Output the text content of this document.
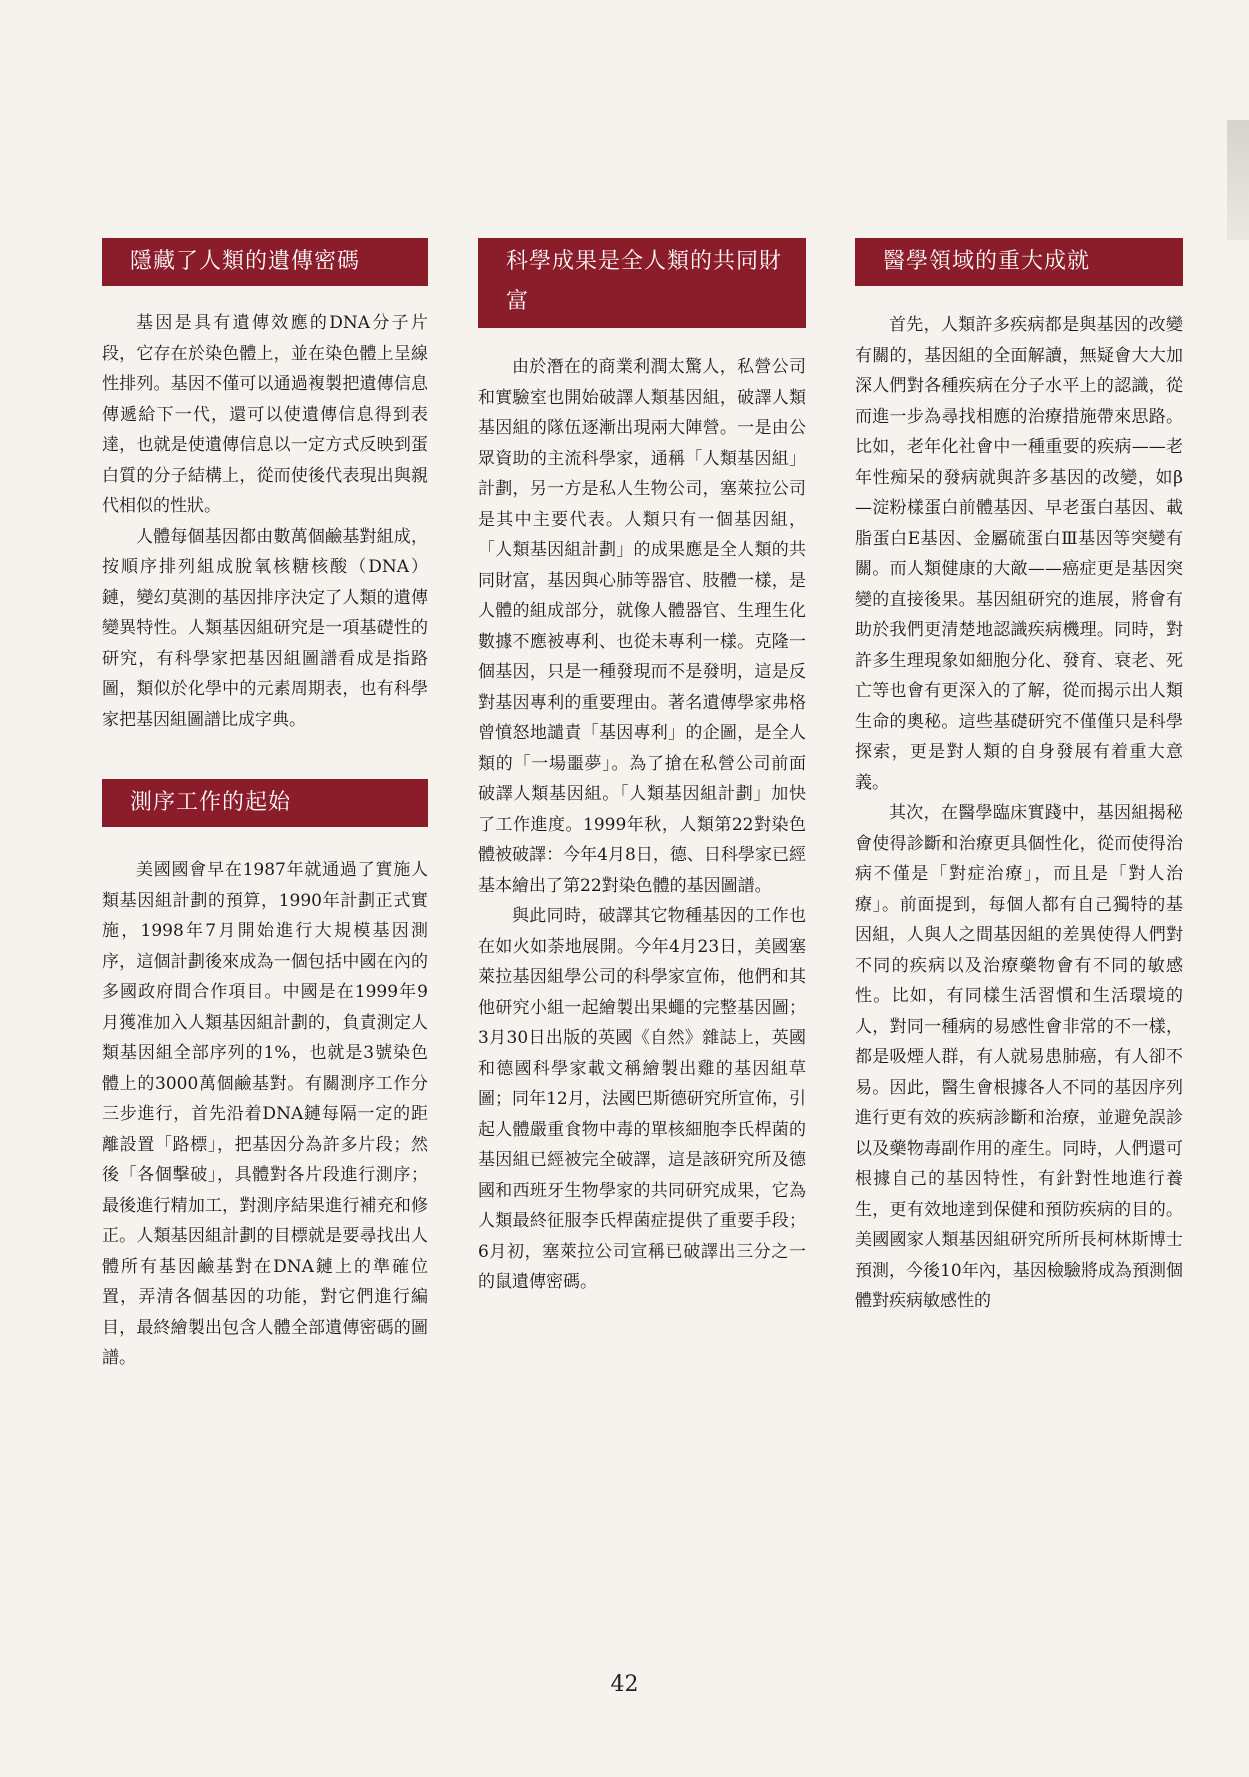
隱藏了人類的遺傳密碼

基因是具有遺傳效應的DNA分子片段，它存在於染色體上，並在染色體上呈線性排列。基因不僅可以通過複製把遺傳信息傳遞給下一代，還可以使遺傳信息得到表達，也就是使遺傳信息以一定方式反映到蛋白質的分子結構上，從而使後代表現出與親代相似的性狀。

人體每個基因都由數萬個鹼基對組成，按順序排列組成脫氧核糖核酸（DNA）鏈，變幻莫測的基因排序決定了人類的遺傳變異特性。人類基因組研究是一項基礎性的研究，有科學家把基因組圖譜看成是指路圖，類似於化學中的元素周期表，也有科學家把基因組圖譜比成字典。

測序工作的起始

美國國會早在1987年就通過了實施人類基因組計劃的預算，1990年計劃正式實施，1998年7月開始進行大規模基因測序，這個計劃後來成為一個包括中國在內的多國政府間合作項目。中國是在1999年9月獲准加入人類基因組計劃的，負責測定人類基因組全部序列的1%，也就是3號染色體上的3000萬個鹼基對。有關測序工作分三步進行，首先沿着DNA鏈每隔一定的距離設置「路標」，把基因分為許多片段；然後「各個擊破」，具體對各片段進行測序；最後進行精加工，對測序結果進行補充和修正。人類基因組計劃的目標就是要尋找出人體所有基因鹼基對在DNA鏈上的準確位置，弄清各個基因的功能，對它們進行編目，最終繪製出包含人體全部遺傳密碼的圖譜。

科學成果是全人類的共同財富

由於潛在的商業利潤太驚人，私營公司和實驗室也開始破譯人類基因組，破譯人類基因組的隊伍逐漸出現兩大陣營。一是由公眾資助的主流科學家，通稱「人類基因組」計劃，另一方是私人生物公司，塞萊拉公司是其中主要代表。人類只有一個基因組，「人類基因組計劃」的成果應是全人類的共同財富，基因與心肺等器官、肢體一樣，是人體的組成部分，就像人體器官、生理生化數據不應被專利、也從未專利一樣。克隆一個基因，只是一種發現而不是發明，這是反對基因專利的重要理由。著名遺傳學家弗格曾憤怒地譴責「基因專利」的企圖，是全人類的「一場噩夢」。為了搶在私營公司前面破譯人類基因組。「人類基因組計劃」加快了工作進度。1999年秋，人類第22對染色體被破譯：今年4月8日，德、日科學家已經基本繪出了第22對染色體的基因圖譜。

與此同時，破譯其它物種基因的工作也在如火如荼地展開。今年4月23日，美國塞萊拉基因組學公司的科學家宣佈，他們和其他研究小組一起繪製出果蠅的完整基因圖；3月30日出版的英國《自然》雜誌上，英國和德國科學家載文稱繪製出雞的基因組草圖；同年12月，法國巴斯德研究所宣佈，引起人體嚴重食物中毒的單核細胞李氏桿菌的基因組已經被完全破譯，這是該研究所及德國和西班牙生物學家的共同研究成果，它為人類最終征服李氏桿菌症提供了重要手段；6月初，塞萊拉公司宣稱已破譯出三分之一的鼠遺傳密碼。

醫學領域的重大成就

首先，人類許多疾病都是與基因的改變有關的，基因組的全面解讀，無疑會大大加深人們對各種疾病在分子水平上的認識，從而進一步為尋找相應的治療措施帶來思路。比如，老年化社會中一種重要的疾病——老年性痴呆的發病就與許多基因的改變，如β—淀粉樣蛋白前體基因、早老蛋白基因、載脂蛋白E基因、金屬硫蛋白Ⅲ基因等突變有關。而人類健康的大敵——癌症更是基因突變的直接後果。基因組研究的進展，將會有助於我們更清楚地認識疾病機理。同時，對許多生理現象如細胞分化、發育、衰老、死亡等也會有更深入的了解，從而揭示出人類生命的奧秘。這些基礎研究不僅僅只是科學探索，更是對人類的自身發展有着重大意義。

其次，在醫學臨床實踐中，基因組揭秘會使得診斷和治療更具個性化，從而使得治病不僅是「對症治療」，而且是「對人治療」。前面提到，每個人都有自己獨特的基因組，人與人之間基因組的差異使得人們對不同的疾病以及治療藥物會有不同的敏感性。比如，有同樣生活習慣和生活環境的人，對同一種病的易感性會非常的不一樣，都是吸煙人群，有人就易患肺癌，有人卻不易。因此，醫生會根據各人不同的基因序列進行更有效的疾病診斷和治療，並避免誤診以及藥物毒副作用的產生。同時，人們還可根據自己的基因特性，有針對性地進行養生，更有效地達到保健和預防疾病的目的。美國國家人類基因組研究所所長柯林斯博士預測，今後10年內，基因檢驗將成為預測個體對疾病敏感性的

42
